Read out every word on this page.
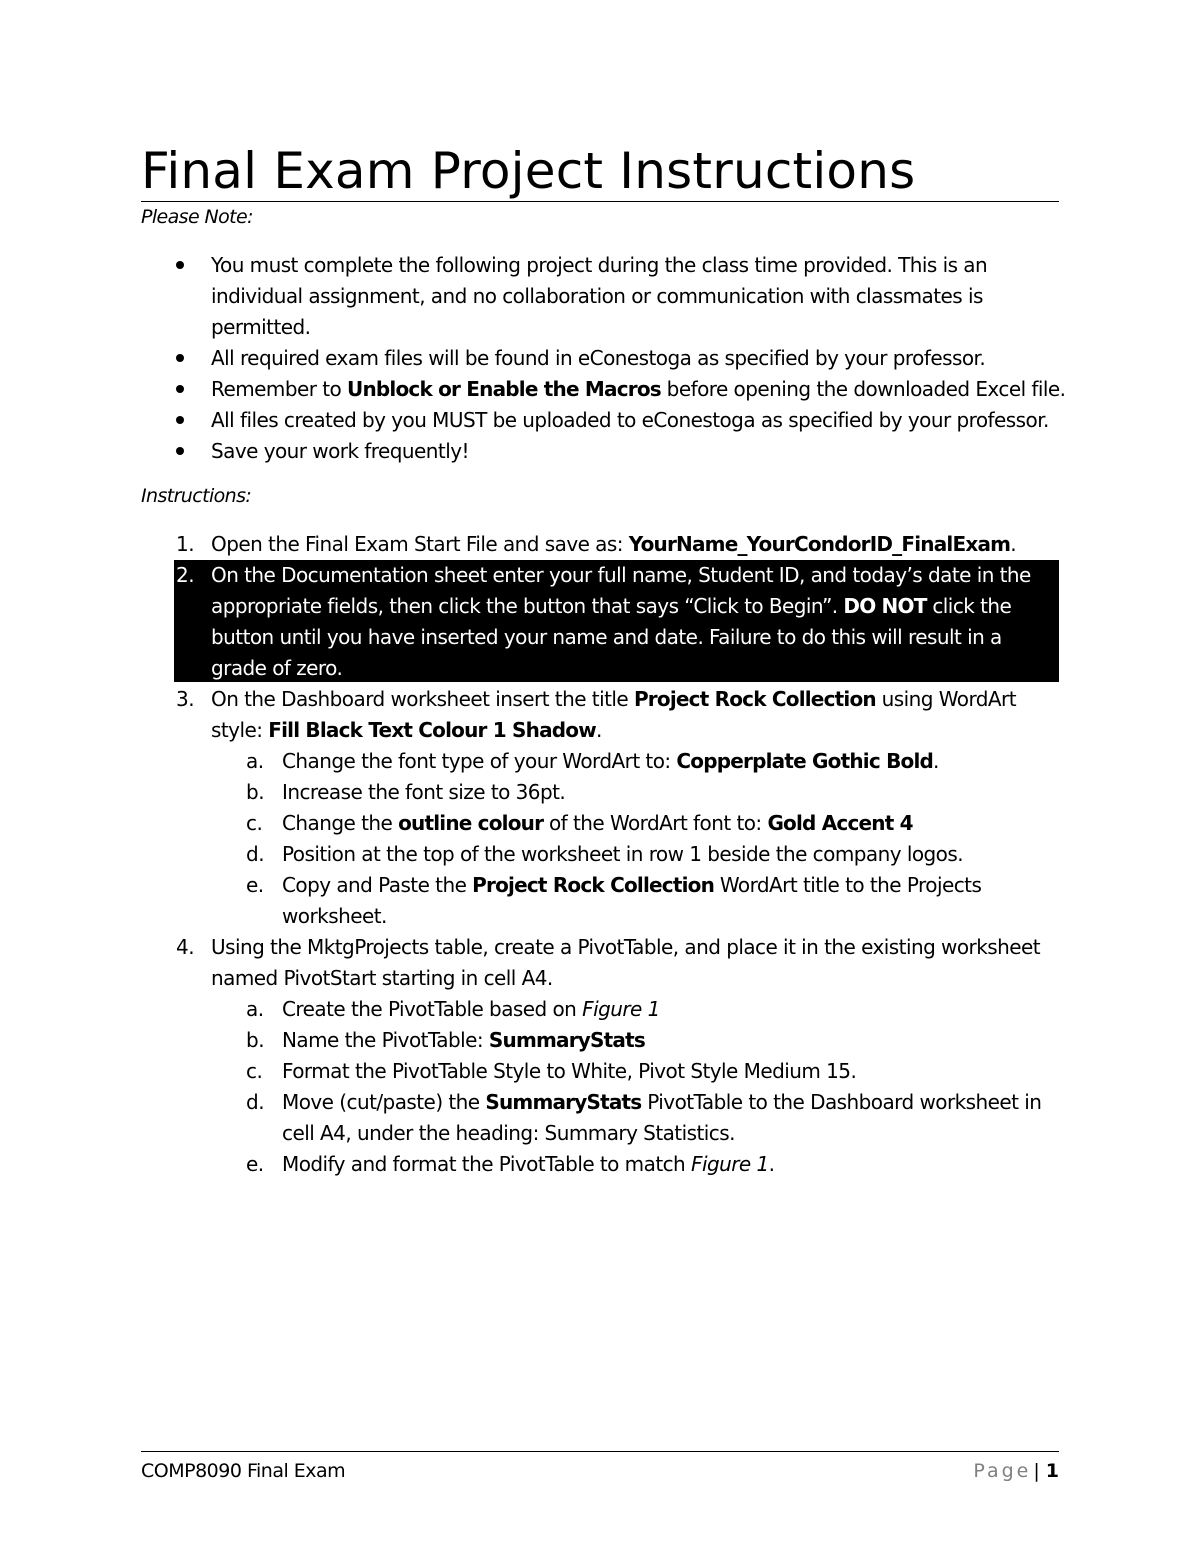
Final Exam Project Instructions
Please Note:
You must complete the following project during the class time provided. This is an
individual assignment, and no collaboration or communication with classmates is
permitted.
All required exam files will be found in eConestoga as specified by your professor.
Remember to Unblock or Enable the Macros before opening the downloaded Excel file.
All files created by you MUST be uploaded to eConestoga as specified by your professor.
Save your work frequently!
Instructions:
1. Open the Final Exam Start File and save as: YourName_YourCondorID_FinalExam.
2. On the Documentation sheet enter your full name, Student ID, and today’s date in the
appropriate fields, then click the button that says “Click to Begin”. DO NOT click the
button until you have inserted your name and date. Failure to do this will result in a
grade of zero.
3. On the Dashboard worksheet insert the title Project Rock Collection using WordArt
style: Fill Black Text Colour 1 Shadow.
a. Change the font type of your WordArt to: Copperplate Gothic Bold.
b. Increase the font size to 36pt.
c. Change the outline colour of the WordArt font to: Gold Accent 4
d. Position at the top of the worksheet in row 1 beside the company logos.
e. Copy and Paste the Project Rock Collection WordArt title to the Projects
worksheet.
4. Using the MktgProjects table, create a PivotTable, and place it in the existing worksheet
named PivotStart starting in cell A4.
a. Create the PivotTable based on Figure 1
b. Name the PivotTable: SummaryStats
c. Format the PivotTable Style to White, Pivot Style Medium 15.
d. Move (cut/paste) the SummaryStats PivotTable to the Dashboard worksheet in
cell A4, under the heading: Summary Statistics.
e. Modify and format the PivotTable to match Figure 1.
COMP8090 Final Exam	Page | 1
